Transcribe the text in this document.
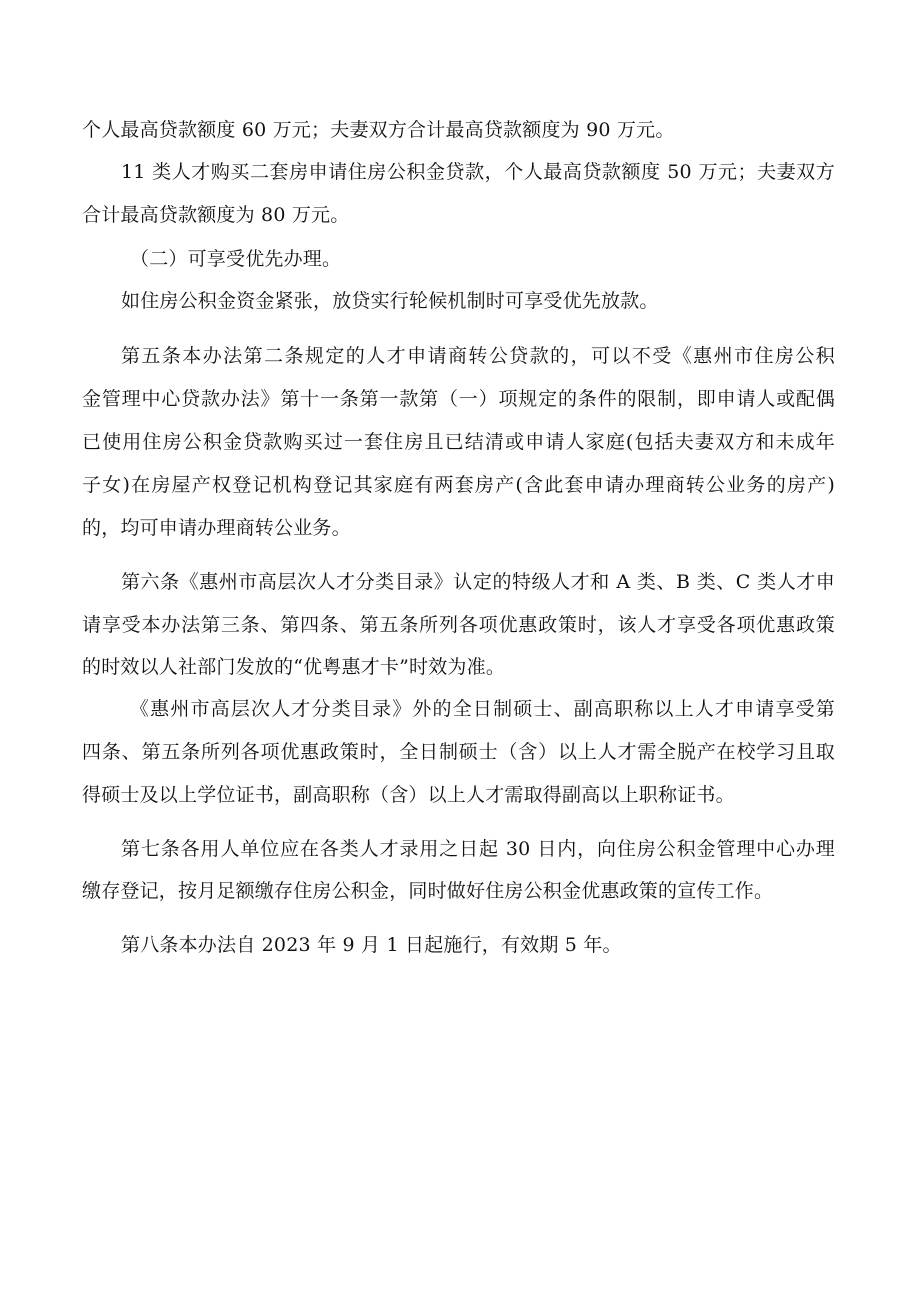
个人最高贷款额度 60 万元；夫妻双方合计最高贷款额度为 90 万元。
11 类人才购买二套房申请住房公积金贷款，个人最高贷款额度 50 万元；夫妻双方
合计最高贷款额度为 80 万元。
（二）可享受优先办理。
如住房公积金资金紧张，放贷实行轮候机制时可享受优先放款。
第五条本办法第二条规定的人才申请商转公贷款的，可以不受《惠州市住房公积
金管理中心贷款办法》第十一条第一款第（一）项规定的条件的限制，即申请人或配偶
已使用住房公积金贷款购买过一套住房且已结清或申请人家庭(包括夫妻双方和未成年
子女)在房屋产权登记机构登记其家庭有两套房产(含此套申请办理商转公业务的房产)
的，均可申请办理商转公业务。
第六条《惠州市高层次人才分类目录》认定的特级人才和 A 类、B 类、C 类人才申
请享受本办法第三条、第四条、第五条所列各项优惠政策时，该人才享受各项优惠政策
的时效以人社部门发放的“优粤惠才卡”时效为准。
《惠州市高层次人才分类目录》外的全日制硕士、副高职称以上人才申请享受第
四条、第五条所列各项优惠政策时，全日制硕士（含）以上人才需全脱产在校学习且取
得硕士及以上学位证书，副高职称（含）以上人才需取得副高以上职称证书。
第七条各用人单位应在各类人才录用之日起 30 日内，向住房公积金管理中心办理
缴存登记，按月足额缴存住房公积金，同时做好住房公积金优惠政策的宣传工作。
第八条本办法自 2023 年 9 月 1 日起施行，有效期 5 年。
